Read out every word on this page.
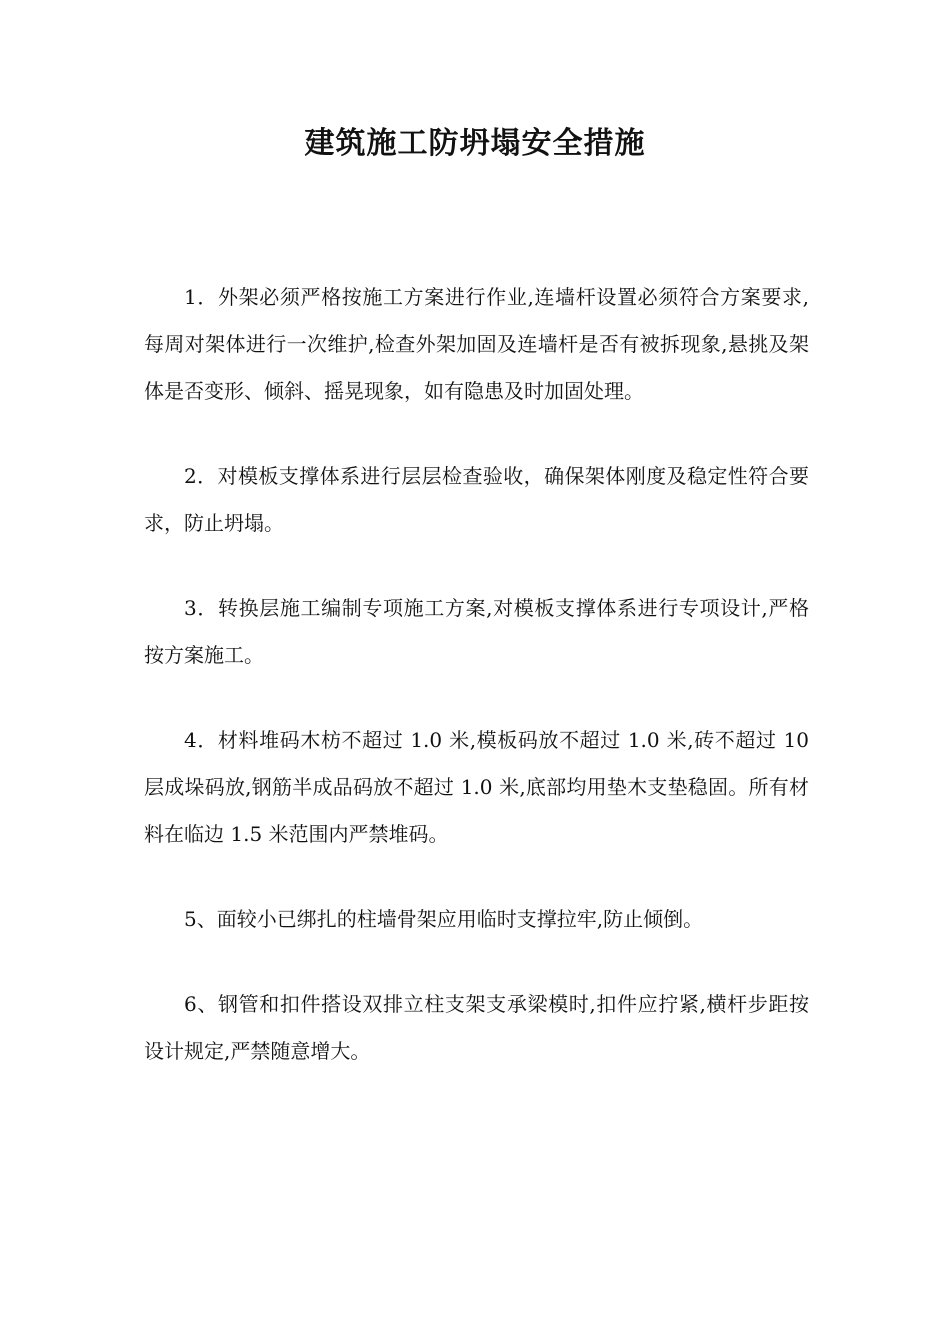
建筑施工防坍塌安全措施

1．外架必须严格按施工方案进行作业,连墙杆设置必须符合方案要求,每周对架体进行一次维护,检查外架加固及连墙杆是否有被拆现象,悬挑及架体是否变形、倾斜、摇晃现象，如有隐患及时加固处理。

2．对模板支撑体系进行层层检查验收，确保架体刚度及稳定性符合要求，防止坍塌。

3．转换层施工编制专项施工方案,对模板支撑体系进行专项设计,严格按方案施工。

4．材料堆码木枋不超过 1.0 米,模板码放不超过 1.0 米,砖不超过 10 层成垛码放,钢筋半成品码放不超过 1.0 米,底部均用垫木支垫稳固。所有材料在临边 1.5 米范围内严禁堆码。

5、面较小已绑扎的柱墙骨架应用临时支撑拉牢,防止倾倒。

6、钢管和扣件搭设双排立柱支架支承梁模时,扣件应拧紧,横杆步距按设计规定,严禁随意增大。
